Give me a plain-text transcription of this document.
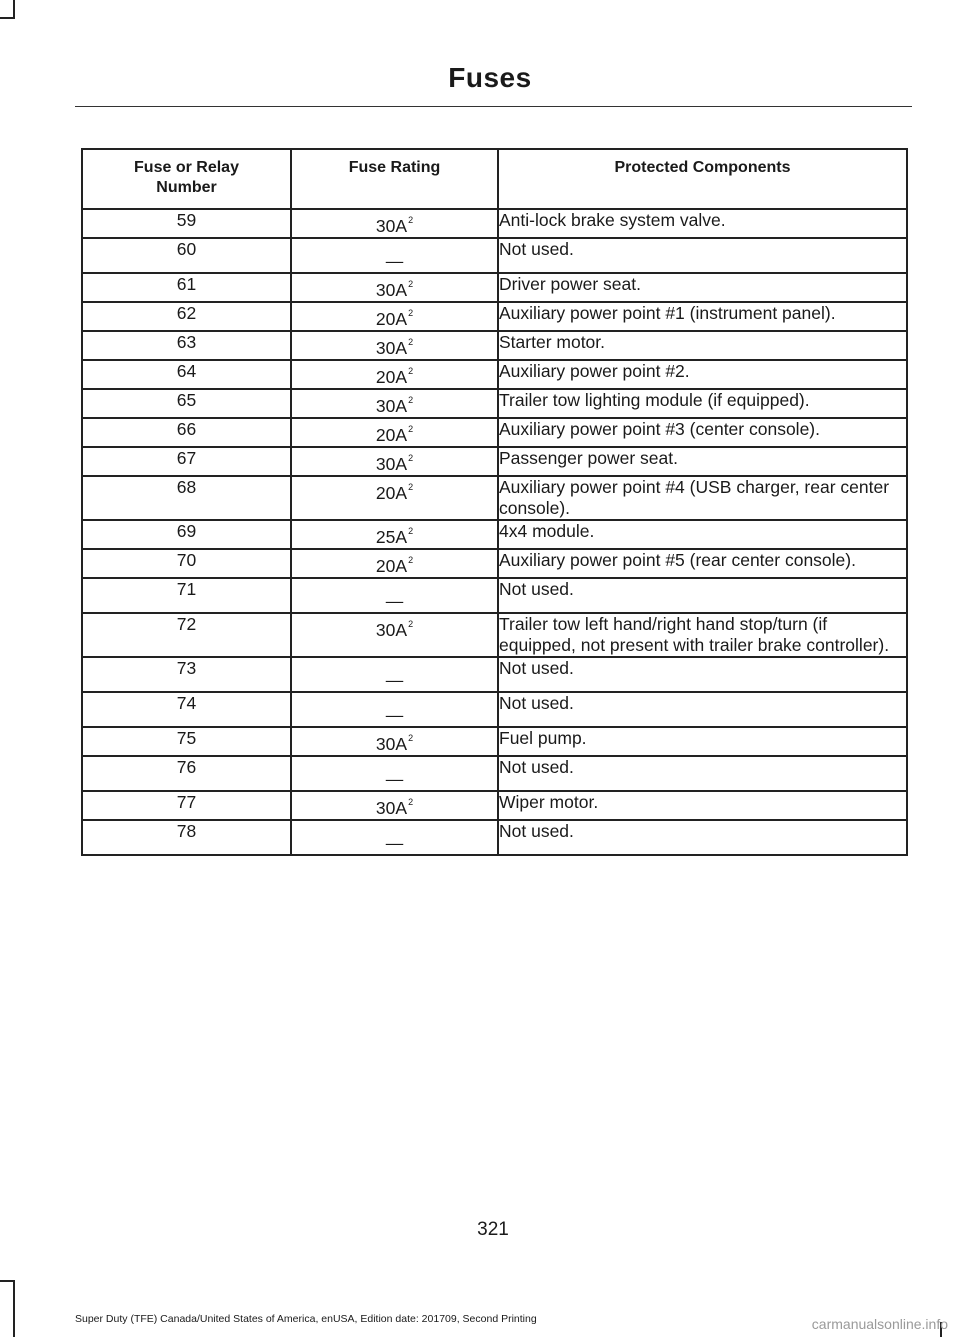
Fuses
Fuse or Relay Number	Fuse Rating	Protected Components
59	$30A^2$	Anti-lock brake system valve.
60	—	Not used.
61	$30A^2$	Driver power seat.
62	$20A^2$	Auxiliary power point #1 (instrument panel).
63	$30A^2$	Starter motor.
64	$20A^2$	Auxiliary power point #2.
65	$30A^2$	Trailer tow lighting module (if equipped).
66	$20A^2$	Auxiliary power point #3 (center console).
67	$30A^2$	Passenger power seat.
68	$20A^2$	Auxiliary power point #4 (USB charger, rear center console).
69	$25A^2$	4x4 module.
70	$20A^2$	Auxiliary power point #5 (rear center console).
71	—	Not used.
72	$30A^2$	Trailer tow left hand/right hand stop/turn (if equipped, not present with trailer brake controller).
73	—	Not used.
74	—	Not used.
75	$30A^2$	Fuel pump.
76	—	Not used.
77	$30A^2$	Wiper motor.
78	—	Not used.
321
Super Duty (TFE) Canada/United States of America, enUSA, Edition date: 201709, Second Printing	carmanualsonline.info
